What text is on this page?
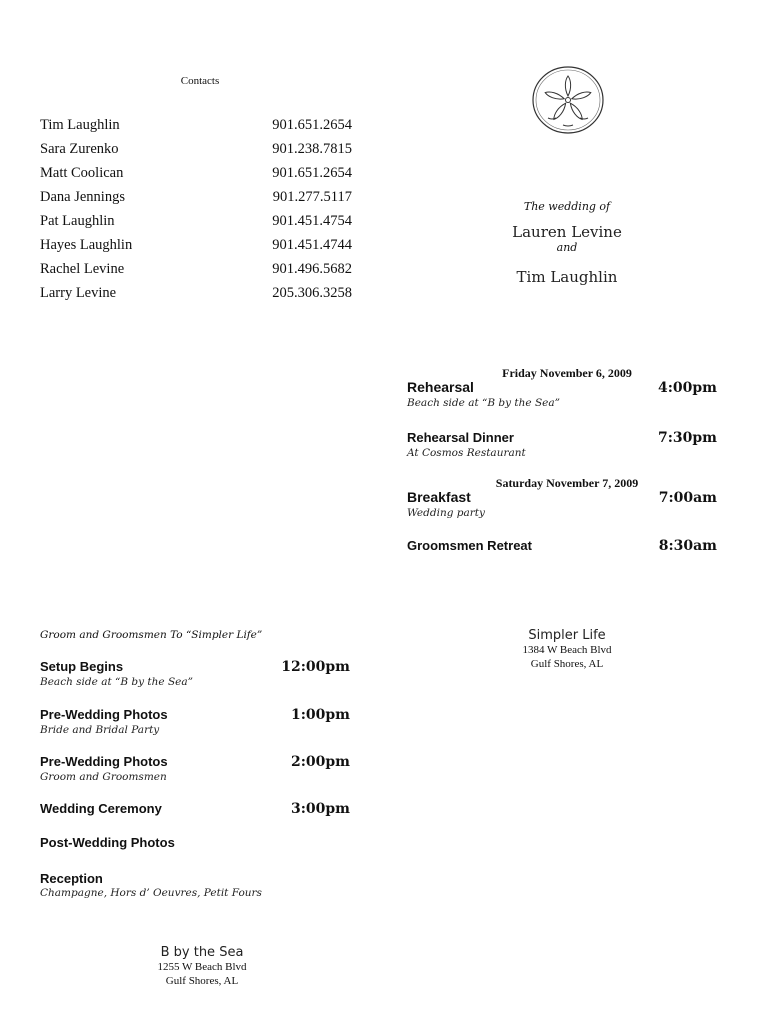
Contacts
Tim Laughlin	901.651.2654
Sara Zurenko	901.238.7815
Matt Coolican	901.651.2654
Dana Jennings	901.277.5117
Pat Laughlin	901.451.4754
Hayes Laughlin	901.451.4744
Rachel Levine	901.496.5682
Larry Levine	205.306.3258
The wedding of
Lauren Levine
and
Tim Laughlin
Friday November 6, 2009
Rehearsal	4:00pm
Beach side at “B by the Sea”
Rehearsal Dinner	7:30pm
At Cosmos Restaurant
Saturday November 7, 2009
Breakfast	7:00am
Wedding party
Groomsmen Retreat	8:30am
Simpler Life
1384 W Beach Blvd
Gulf Shores, AL
Groom and Groomsmen To “Simpler Life”
Setup Begins	12:00pm
Beach side at “B by the Sea”
Pre-Wedding Photos	1:00pm
Bride and Bridal Party
Pre-Wedding Photos	2:00pm
Groom and Groomsmen
Wedding Ceremony	3:00pm
Post-Wedding Photos
Reception
Champagne, Hors d’ Oeuvres, Petit Fours
B by the Sea
1255 W Beach Blvd
Gulf Shores, AL
